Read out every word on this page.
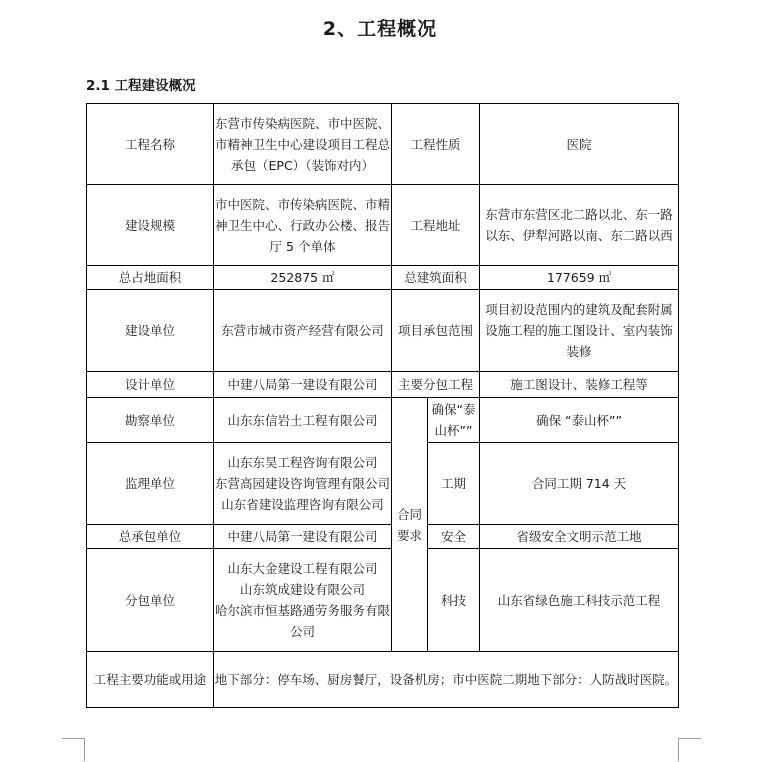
2、工程概况
2.1 工程建设概况
工程名称	东营市传染病医院、市中医院、市精神卫生中心建设项目工程总承包（EPC）（装饰对内）	工程性质		医院
建设规模	市中医院、市传染病医院、市精神卫生中心、行政办公楼、报告厅 5 个单体	工程地址		东营市东营区北二路以北、东一路以东、伊犁河路以南、东二路以西
总占地面积	252875 ㎡	总建筑面积		177659 ㎡
建设单位	东营市城市资产经营有限公司	项目承包范围		项目初设范围内的建筑及配套附属设施工程的施工图设计、室内装饰装修
设计单位	中建八局第一建设有限公司	主要分包工程		施工图设计、装修工程等
勘察单位	山东东信岩土工程有限公司	合同要求	确保“泰山杯””	确保 “泰山杯””
监理单位	山东东昊工程咨询有限公司
东营高园建设咨询管理有限公司
山东省建设监理咨询有限公司		工期	合同工期 714 天
总承包单位	中建八局第一建设有限公司		安全	省级安全文明示范工地
分包单位	山东大金建设工程有限公司
山东筑成建设有限公司
哈尔滨市恒基路通劳务服务有限公司		科技	山东省绿色施工科技示范工程
工程主要功能或用途	地下部分：停车场、厨房餐厅，设备机房；市中医院二期地下部分：人防战时医院。			
